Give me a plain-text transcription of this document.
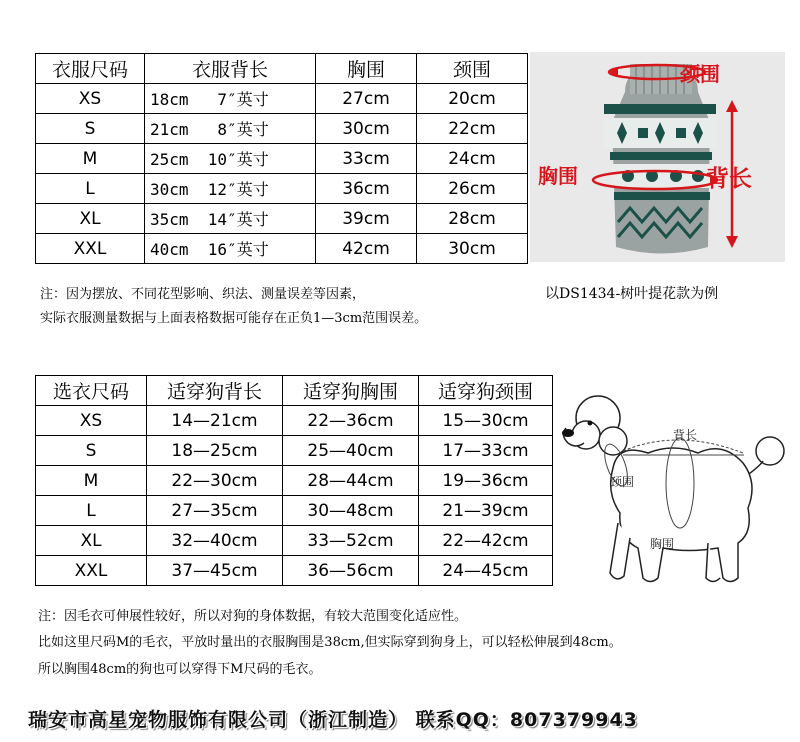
衣服尺码	衣服背长	胸围	颈围
XS	18cm   7″英寸	27cm	20cm
S	21cm   8″英寸	30cm	22cm
M	25cm  10″英寸	33cm	24cm
L	30cm  12″英寸	36cm	26cm
XL	35cm  14″英寸	39cm	28cm
XXL	40cm  16″英寸	42cm	30cm
颈围
胸围	背长
以DS1434-树叶提花款为例
注：因为摆放、不同花型影响、织法、测量误差等因素，
实际衣服测量数据与上面表格数据可能存在正负1—3cm范围误差。
选衣尺码	适穿狗背长	适穿狗胸围	适穿狗颈围
XS	14—21cm	22—36cm	15—30cm
S	18—25cm	25—40cm	17—33cm
M	22—30cm	28—44cm	19—36cm
L	27—35cm	30—48cm	21—39cm
XL	32—40cm	33—52cm	22—42cm
XXL	37—45cm	36—56cm	24—45cm
背长
颈围
胸围
注：因毛衣可伸展性较好，所以对狗的身体数据，有较大范围变化适应性。
比如这里尺码M的毛衣，平放时量出的衣服胸围是38cm,但实际穿到狗身上，可以轻松伸展到48cm。
所以胸围48cm的狗也可以穿得下M尺码的毛衣。
瑞安市高星宠物服饰有限公司（浙江制造） 联系QQ：807379943
